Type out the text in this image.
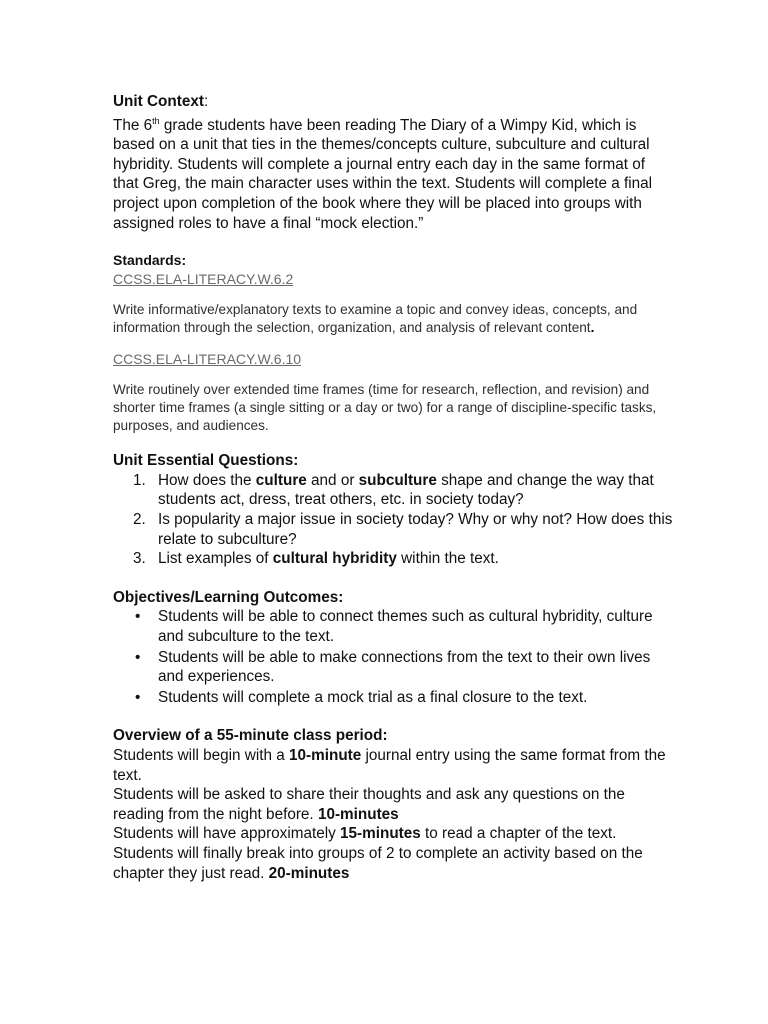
Unit Context:

The 6th grade students have been reading The Diary of a Wimpy Kid, which is based on a unit that ties in the themes/concepts culture, subculture and cultural hybridity. Students will complete a journal entry each day in the same format of that Greg, the main character uses within the text. Students will complete a final project upon completion of the book where they will be placed into groups with assigned roles to have a final “mock election.”

Standards:
CCSS.ELA-LITERACY.W.6.2

Write informative/explanatory texts to examine a topic and convey ideas, concepts, and information through the selection, organization, and analysis of relevant content.

CCSS.ELA-LITERACY.W.6.10

Write routinely over extended time frames (time for research, reflection, and revision) and shorter time frames (a single sitting or a day or two) for a range of discipline-specific tasks, purposes, and audiences.

Unit Essential Questions:
1. How does the culture and or subculture shape and change the way that students act, dress, treat others, etc. in society today?
2. Is popularity a major issue in society today? Why or why not? How does this relate to subculture?
3. List examples of cultural hybridity within the text.
Objectives/Learning Outcomes:
• Students will be able to connect themes such as cultural hybridity, culture and subculture to the text.
• Students will be able to make connections from the text to their own lives and experiences.
• Students will complete a mock trial as a final closure to the text.
Overview of a 55-minute class period:

Students will begin with a 10-minute journal entry using the same format from the text.

Students will be asked to share their thoughts and ask any questions on the reading from the night before. 10-minutes

Students will have approximately 15-minutes to read a chapter of the text.

Students will finally break into groups of 2 to complete an activity based on the chapter they just read. 20-minutes
